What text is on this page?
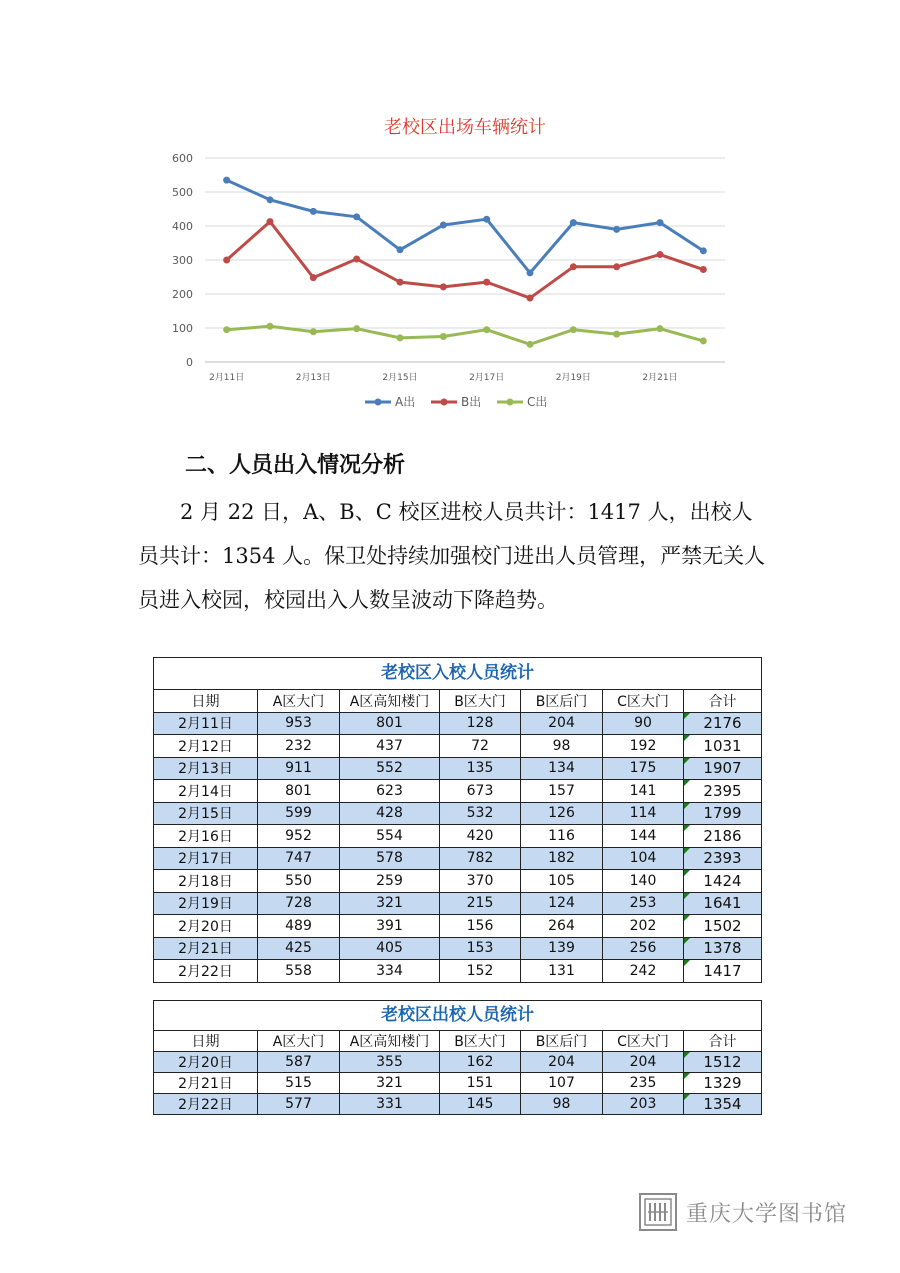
老校区出场车辆统计
0
100
200
300
400
500
600
2月11日	2月13日	2月15日	2月17日	2月19日	2月21日
A出	B出	C出
二、人员出入情况分析

2 月 22 日，A、B、C 校区进校人员共计：1417 人，出校人员共计：1354 人。保卫处持续加强校门进出人员管理，严禁无关人员进入校园，校园出入人数呈波动下降趋势。

老校区入校人员统计
日期	A区大门	A区高知楼门	B区大门	B区后门	C区大门	合计
2月11日	953	801	128	204	90	2176
2月12日	232	437	72	98	192	1031
2月13日	911	552	135	134	175	1907
2月14日	801	623	673	157	141	2395
2月15日	599	428	532	126	114	1799
2月16日	952	554	420	116	144	2186
2月17日	747	578	782	182	104	2393
2月18日	550	259	370	105	140	1424
2月19日	728	321	215	124	253	1641
2月20日	489	391	156	264	202	1502
2月21日	425	405	153	139	256	1378
2月22日	558	334	152	131	242	1417
老校区出校人员统计
日期	A区大门	A区高知楼门	B区大门	B区后门	C区大门	合计
2月20日	587	355	162	204	204	1512
2月21日	515	321	151	107	235	1329
2月22日	577	331	145	98	203	1354
重庆大学图书馆
